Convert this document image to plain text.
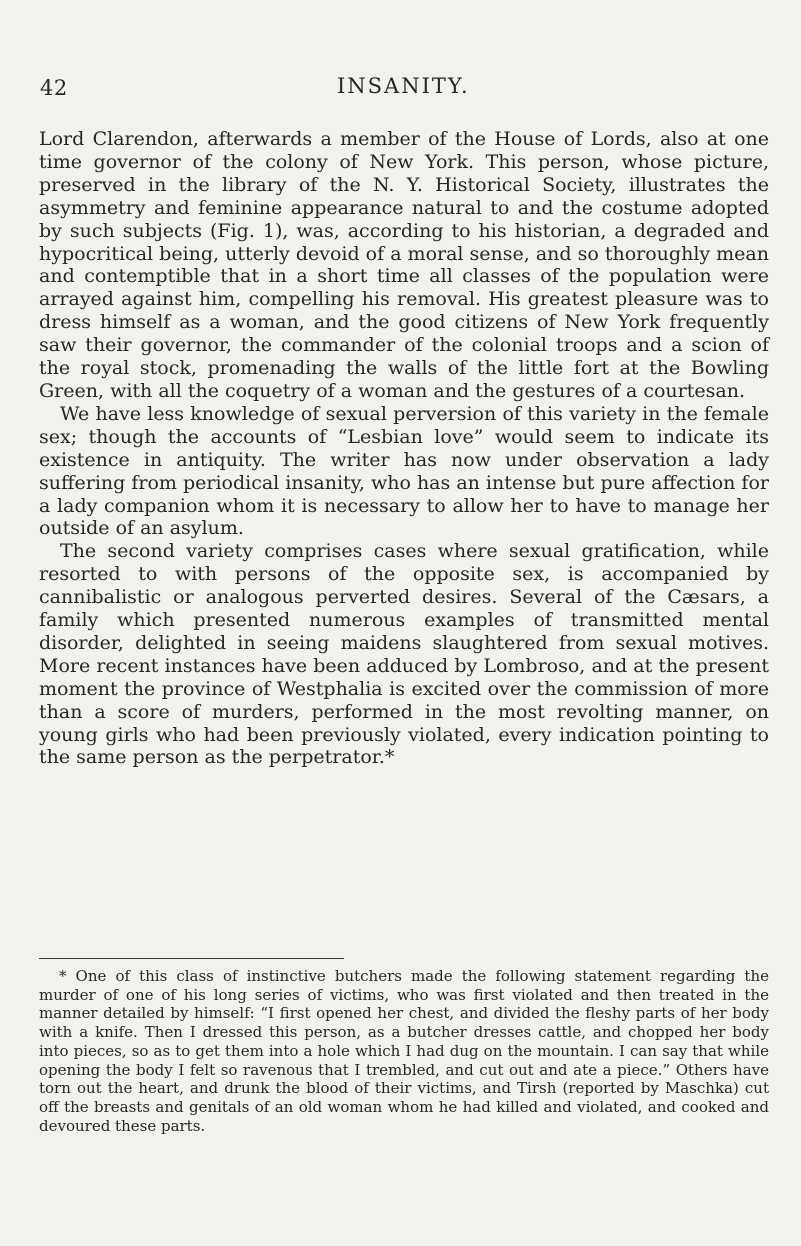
42	INSANITY.

Lord Clarendon, afterwards a member of the House of Lords, also at one time governor of the colony of New York. This person, whose picture, preserved in the library of the N. Y. Historical Society, illustrates the asymmetry and feminine appearance natural to and the costume adopted by such subjects (Fig. 1), was, according to his historian, a degraded and hypocritical being, utterly devoid of a moral sense, and so thoroughly mean and contemptible that in a short time all classes of the population were arrayed against him, compelling his removal. His greatest pleasure was to dress himself as a woman, and the good citizens of New York frequently saw their governor, the commander of the colonial troops and a scion of the royal stock, promenading the walls of the little fort at the Bowling Green, with all the coquetry of a woman and the gestures of a courtesan.

We have less knowledge of sexual perversion of this variety in the female sex; though the accounts of “Lesbian love” would seem to indicate its existence in antiquity. The writer has now under observation a lady suffering from periodical insanity, who has an intense but pure affection for a lady companion whom it is necessary to allow her to have to manage her outside of an asylum.

The second variety comprises cases where sexual gratification, while resorted to with persons of the opposite sex, is accompanied by cannibalistic or analogous perverted desires. Several of the Cæsars, a family which presented numerous examples of transmitted mental disorder, delighted in seeing maidens slaughtered from sexual motives. More recent instances have been adduced by Lombroso, and at the present moment the province of Westphalia is excited over the commission of more than a score of murders, performed in the most revolting manner, on young girls who had been previously violated, every indication pointing to the same person as the perpetrator.*

* One of this class of instinctive butchers made the following statement regarding the murder of one of his long series of victims, who was first violated and then treated in the manner detailed by himself: “I first opened her chest, and divided the fleshy parts of her body with a knife. Then I dressed this person, as a butcher dresses cattle, and chopped her body into pieces, so as to get them into a hole which I had dug on the mountain. I can say that while opening the body I felt so ravenous that I trembled, and cut out and ate a piece.” Others have torn out the heart, and drunk the blood of their victims, and Tirsh (reported by Maschka) cut off the breasts and genitals of an old woman whom he had killed and violated, and cooked and devoured these parts.
